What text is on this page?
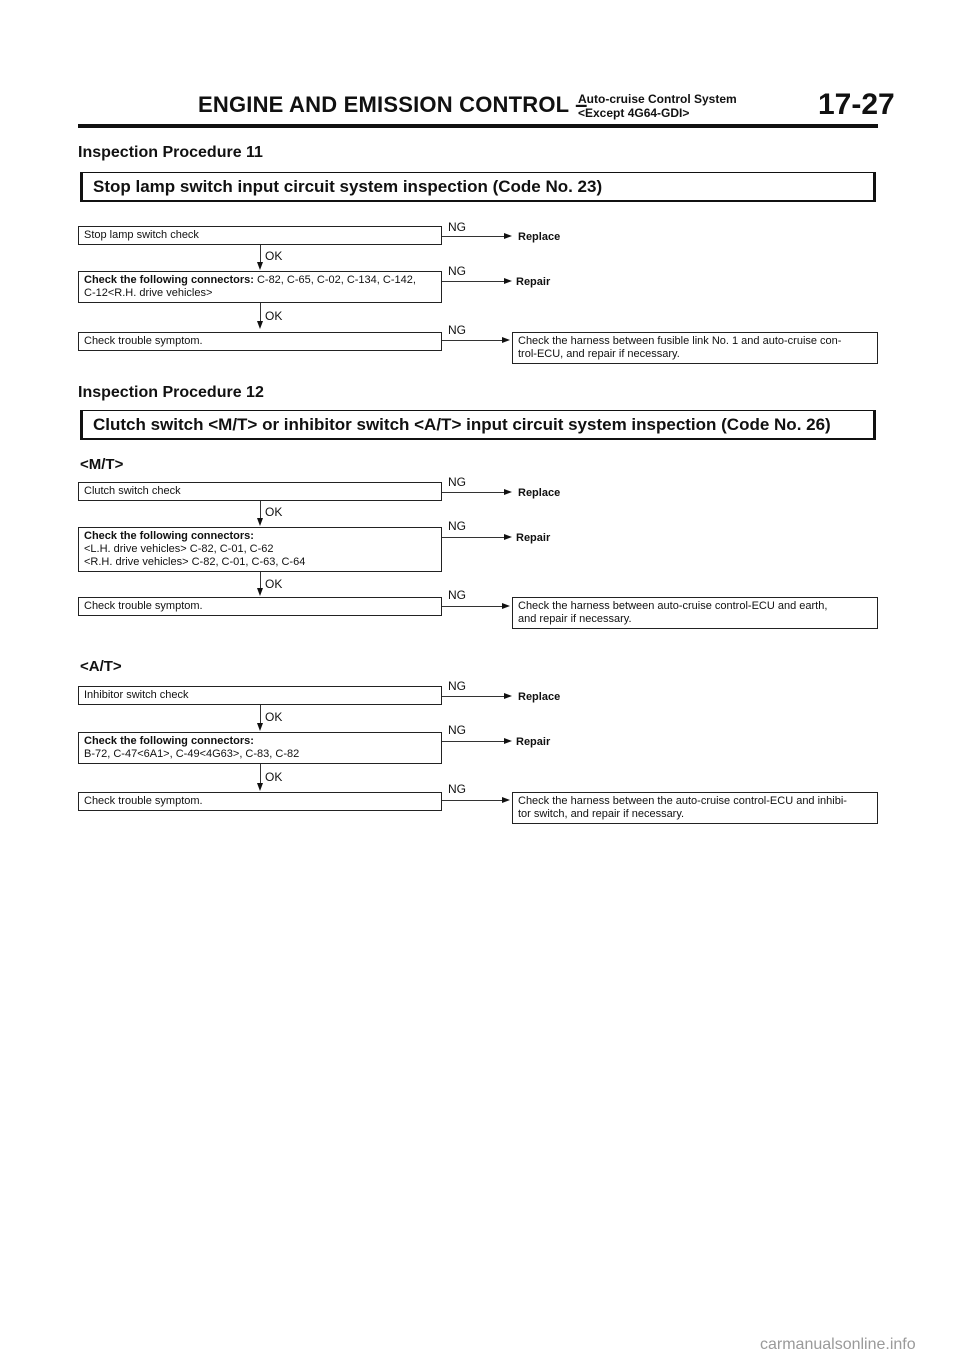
ENGINE AND EMISSION CONTROL –
Auto-cruise Control System
<Except 4G64-GDI>	17-27
Inspection Procedure 11
Stop lamp switch input circuit system inspection (Code No. 23)
Stop lamp switch check
NG
Replace
OK
Check the following connectors: C-82, C-65, C-02, C-134, C-142,
C-12<R.H. drive vehicles>
NG
Repair
OK
Check trouble symptom.
NG
Check the harness between fusible link No. 1 and auto-cruise con-
trol-ECU, and repair if necessary.
Inspection Procedure 12
Clutch switch <M/T> or inhibitor switch <A/T> input circuit system inspection (Code No. 26)
<M/T>
Clutch switch check
NG
Replace
OK
Check the following connectors:
<L.H. drive vehicles> C-82, C-01, C-62
<R.H. drive vehicles> C-82, C-01, C-63, C-64
NG
Repair
OK
Check trouble symptom.
NG
Check the harness between auto-cruise control-ECU and earth,
and repair if necessary.
<A/T>
Inhibitor switch check
NG
Replace
OK
Check the following connectors:
B-72, C-47<6A1>, C-49<4G63>, C-83, C-82
NG
Repair
OK
Check trouble symptom.
NG
Check the harness between the auto-cruise control-ECU and inhibi-
tor switch, and repair if necessary.
carmanualsonline.info
